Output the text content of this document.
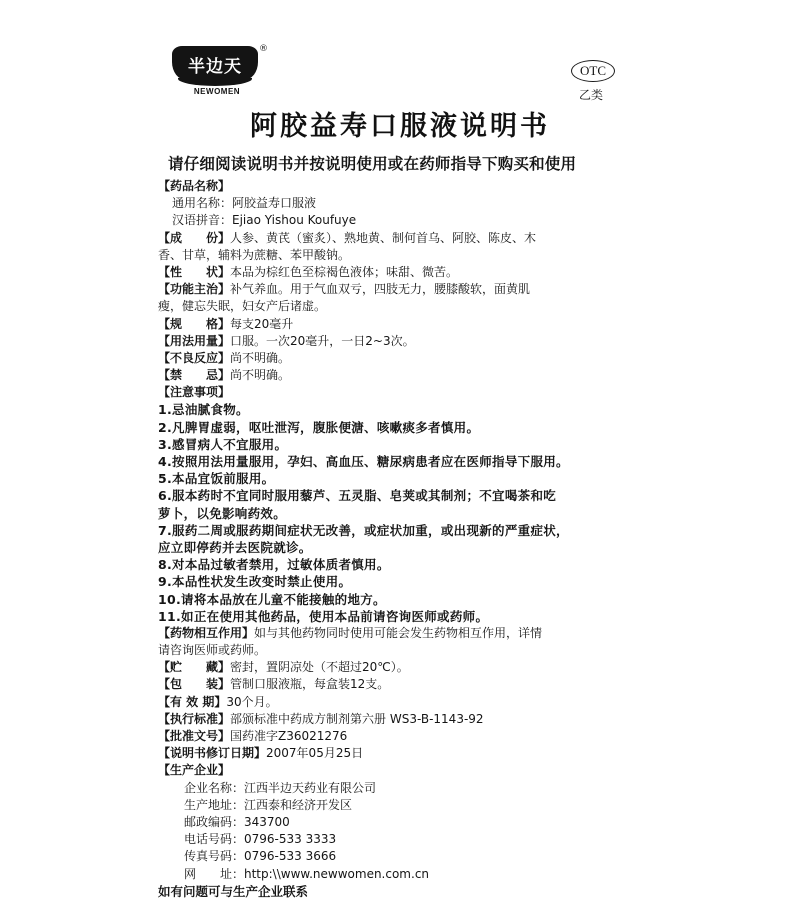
半边天
®
NEWOMEN
OTC
乙类
阿胶益寿口服液说明书
请仔细阅读说明书并按说明使用或在药师指导下购买和使用
【药品名称】
通用名称：阿胶益寿口服液
汉语拼音：Ejiao Yishou Koufuye
【成　　份】人参、黄芪（蜜炙）、熟地黄、制何首乌、阿胶、陈皮、木
香、甘草，辅料为蔗糖、苯甲酸钠。
【性　　状】本品为棕红色至棕褐色液体；味甜、微苦。
【功能主治】补气养血。用于气血双亏，四肢无力，腰膝酸软，面黄肌
瘦，健忘失眠，妇女产后诸虚。
【规　　格】每支20毫升
【用法用量】口服。一次20毫升，一日2~3次。
【不良反应】尚不明确。
【禁　　忌】尚不明确。
【注意事项】
1.忌油腻食物。
2.凡脾胃虚弱，呕吐泄泻，腹胀便溏、咳嗽痰多者慎用。
3.感冒病人不宜服用。
4.按照用法用量服用，孕妇、高血压、糖尿病患者应在医师指导下服用。
5.本品宜饭前服用。
6.服本药时不宜同时服用藜芦、五灵脂、皂荚或其制剂；不宜喝茶和吃
萝卜，以免影响药效。
7.服药二周或服药期间症状无改善，或症状加重，或出现新的严重症状，
应立即停药并去医院就诊。
8.对本品过敏者禁用，过敏体质者慎用。
9.本品性状发生改变时禁止使用。
10.请将本品放在儿童不能接触的地方。
11.如正在使用其他药品，使用本品前请咨询医师或药师。
【药物相互作用】如与其他药物同时使用可能会发生药物相互作用，详情
请咨询医师或药师。
【贮　　藏】密封，置阴凉处（不超过20℃）。
【包　　装】管制口服液瓶，每盒装12支。
【有 效 期】30个月。
【执行标准】部颁标准中药成方制剂第六册 WS3-B-1143-92
【批准文号】国药准字Z36021276
【说明书修订日期】2007年05月25日
【生产企业】
企业名称：江西半边天药业有限公司
生产地址：江西泰和经济开发区
邮政编码：343700
电话号码：0796-533 3333
传真号码：0796-533 3666
网　　址：http:\\www.newwomen.com.cn
如有问题可与生产企业联系
